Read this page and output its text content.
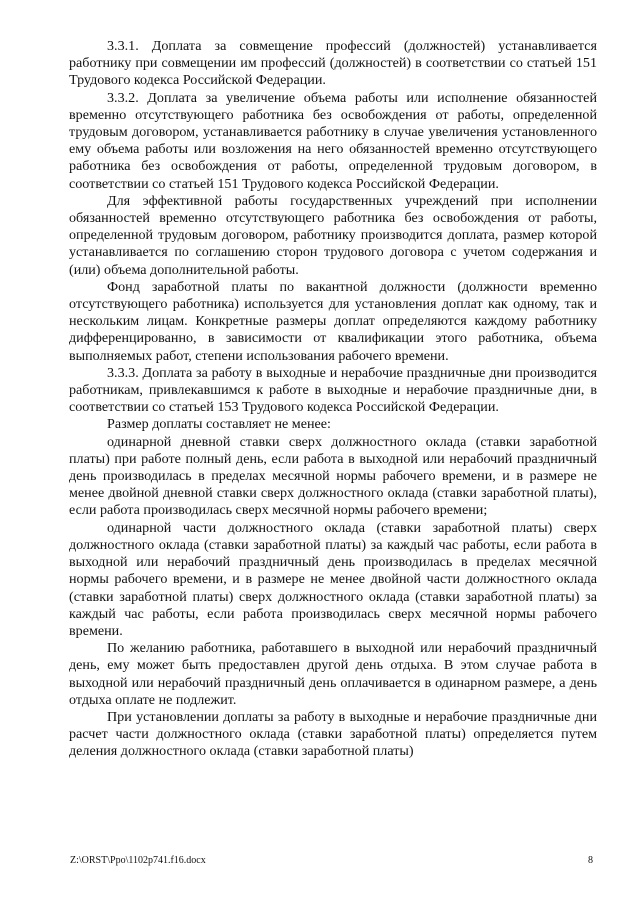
3.3.1. Доплата за совмещение профессий (должностей) устанавливается работнику при совмещении им профессий (должностей) в соответствии со статьей 151 Трудового кодекса Российской Федерации.

3.3.2. Доплата за увеличение объема работы или исполнение обязанностей временно отсутствующего работника без освобождения от работы, определенной трудовым договором, устанавливается работнику в случае увеличения установленного ему объема работы или возложения на него обязанностей временно отсутствующего работника без освобождения от работы, определенной трудовым договором, в соответствии со статьей 151 Трудового кодекса Российской Федерации.

Для эффективной работы государственных учреждений при исполнении обязанностей временно отсутствующего работника без освобождения от работы, определенной трудовым договором, работнику производится доплата, размер которой устанавливается по соглашению сторон трудового договора с учетом содержания и (или) объема дополнительной работы.

Фонд заработной платы по вакантной должности (должности временно отсутствующего работника) используется для установления доплат как одному, так и нескольким лицам. Конкретные размеры доплат определяются каждому работнику дифференцированно, в зависимости от квалификации этого работника, объема выполняемых работ, степени использования рабочего времени.

3.3.3. Доплата за работу в выходные и нерабочие праздничные дни производится работникам, привлекавшимся к работе в выходные и нерабочие праздничные дни, в соответствии со статьей 153 Трудового кодекса Российской Федерации.

Размер доплаты составляет не менее:

одинарной дневной ставки сверх должностного оклада (ставки заработной платы) при работе полный день, если работа в выходной или нерабочий праздничный день производилась в пределах месячной нормы рабочего времени, и в размере не менее двойной дневной ставки сверх должностного оклада (ставки заработной платы), если работа производилась сверх месячной нормы рабочего времени;

одинарной части должностного оклада (ставки заработной платы) сверх должностного оклада (ставки заработной платы) за каждый час работы, если работа в выходной или нерабочий праздничный день производилась в пределах месячной нормы рабочего времени, и в размере не менее двойной части должностного оклада (ставки заработной платы) сверх должностного оклада (ставки заработной платы) за каждый час работы, если работа производилась сверх месячной нормы рабочего времени.

По желанию работника, работавшего в выходной или нерабочий праздничный день, ему может быть предоставлен другой день отдыха. В этом случае работа в выходной или нерабочий праздничный день оплачивается в одинарном размере, а день отдыха оплате не подлежит.

При установлении доплаты за работу в выходные и нерабочие праздничные дни расчет части должностного оклада (ставки заработной платы) определяется путем деления должностного оклада (ставки заработной платы)

Z:\ORST\Ppo\1102p741.f16.docx	8
